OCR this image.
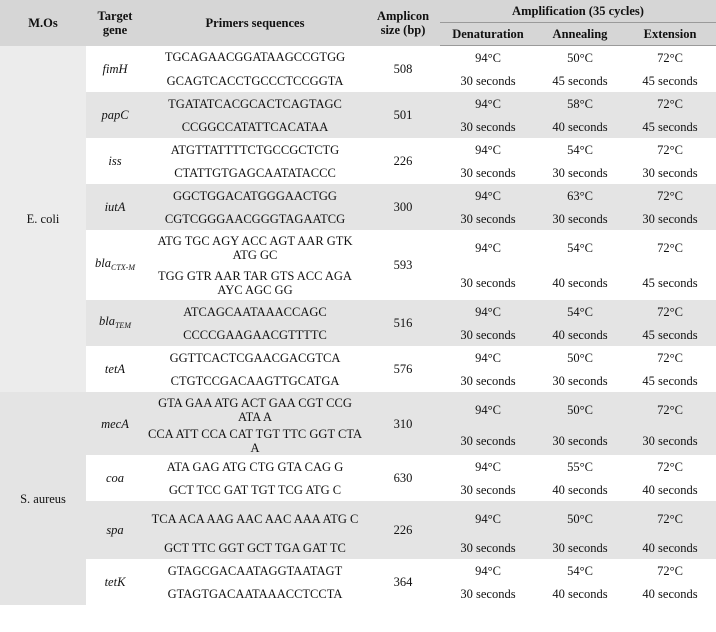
M.Os	Target gene	Primers sequences	Amplicon size (bp)	Amplification (35 cycles)		
				Denaturation	Annealing	Extension
E. coli	fimH	TGCAGAACGGATAAGCCGTGG	508	94°C	50°C	72°C
		GCAGTCACCTGCCCTCCGGTA		30 seconds	45 seconds	45 seconds
	papC	TGATATCACGCACTCAGTAGC	501	94°C	58°C	72°C
		CCGGCCATATTCACATAA		30 seconds	40 seconds	45 seconds
	iss	ATGTTATTTTCTGCCGCTCTG	226	94°C	54°C	72°C
		CTATTGTGAGCAATATACCC		30 seconds	30 seconds	30 seconds
	iutA	GGCTGGACATGGGAACTGG	300	94°C	63°C	72°C
		CGTCGGGAACGGGTAGAATCG		30 seconds	30 seconds	30 seconds
	bla$_{CTX-M}$	ATG TGC AGY ACC AGT AAR GTK ATG GC	593	94°C	54°C	72°C
		TGG GTR AAR TAR GTS ACC AGA AYC AGC GG		30 seconds	40 seconds	45 seconds
	bla$_{TEM}$	ATCAGCAATAAACCAGC	516	94°C	54°C	72°C
		CCCCGAAGAACGTTTTC		30 seconds	40 seconds	45 seconds
	tetA	GGTTCACTCGAACGACGTCA	576	94°C	50°C	72°C
		CTGTCCGACAAGTTGCATGA		30 seconds	30 seconds	45 seconds
S. aureus	mecA	GTA GAA ATG ACT GAA CGT CCG ATA A	310	94°C	50°C	72°C
		CCA ATT CCA CAT TGT TTC GGT CTA A		30 seconds	30 seconds	30 seconds
	coa	ATA GAG ATG CTG GTA CAG G	630	94°C	55°C	72°C
		GCT TCC GAT TGT TCG ATG C		30 seconds	40 seconds	40 seconds
	spa	TCA ACA AAG AAC AAC AAA ATG C	226	94°C	50°C	72°C
		GCT TTC GGT GCT TGA GAT TC		30 seconds	30 seconds	40 seconds
	tetK	GTAGCGACAATAGGTAATAGT	364	94°C	54°C	72°C
		GTAGTGACAATAAACCTCCTA		30 seconds	40 seconds	40 seconds
